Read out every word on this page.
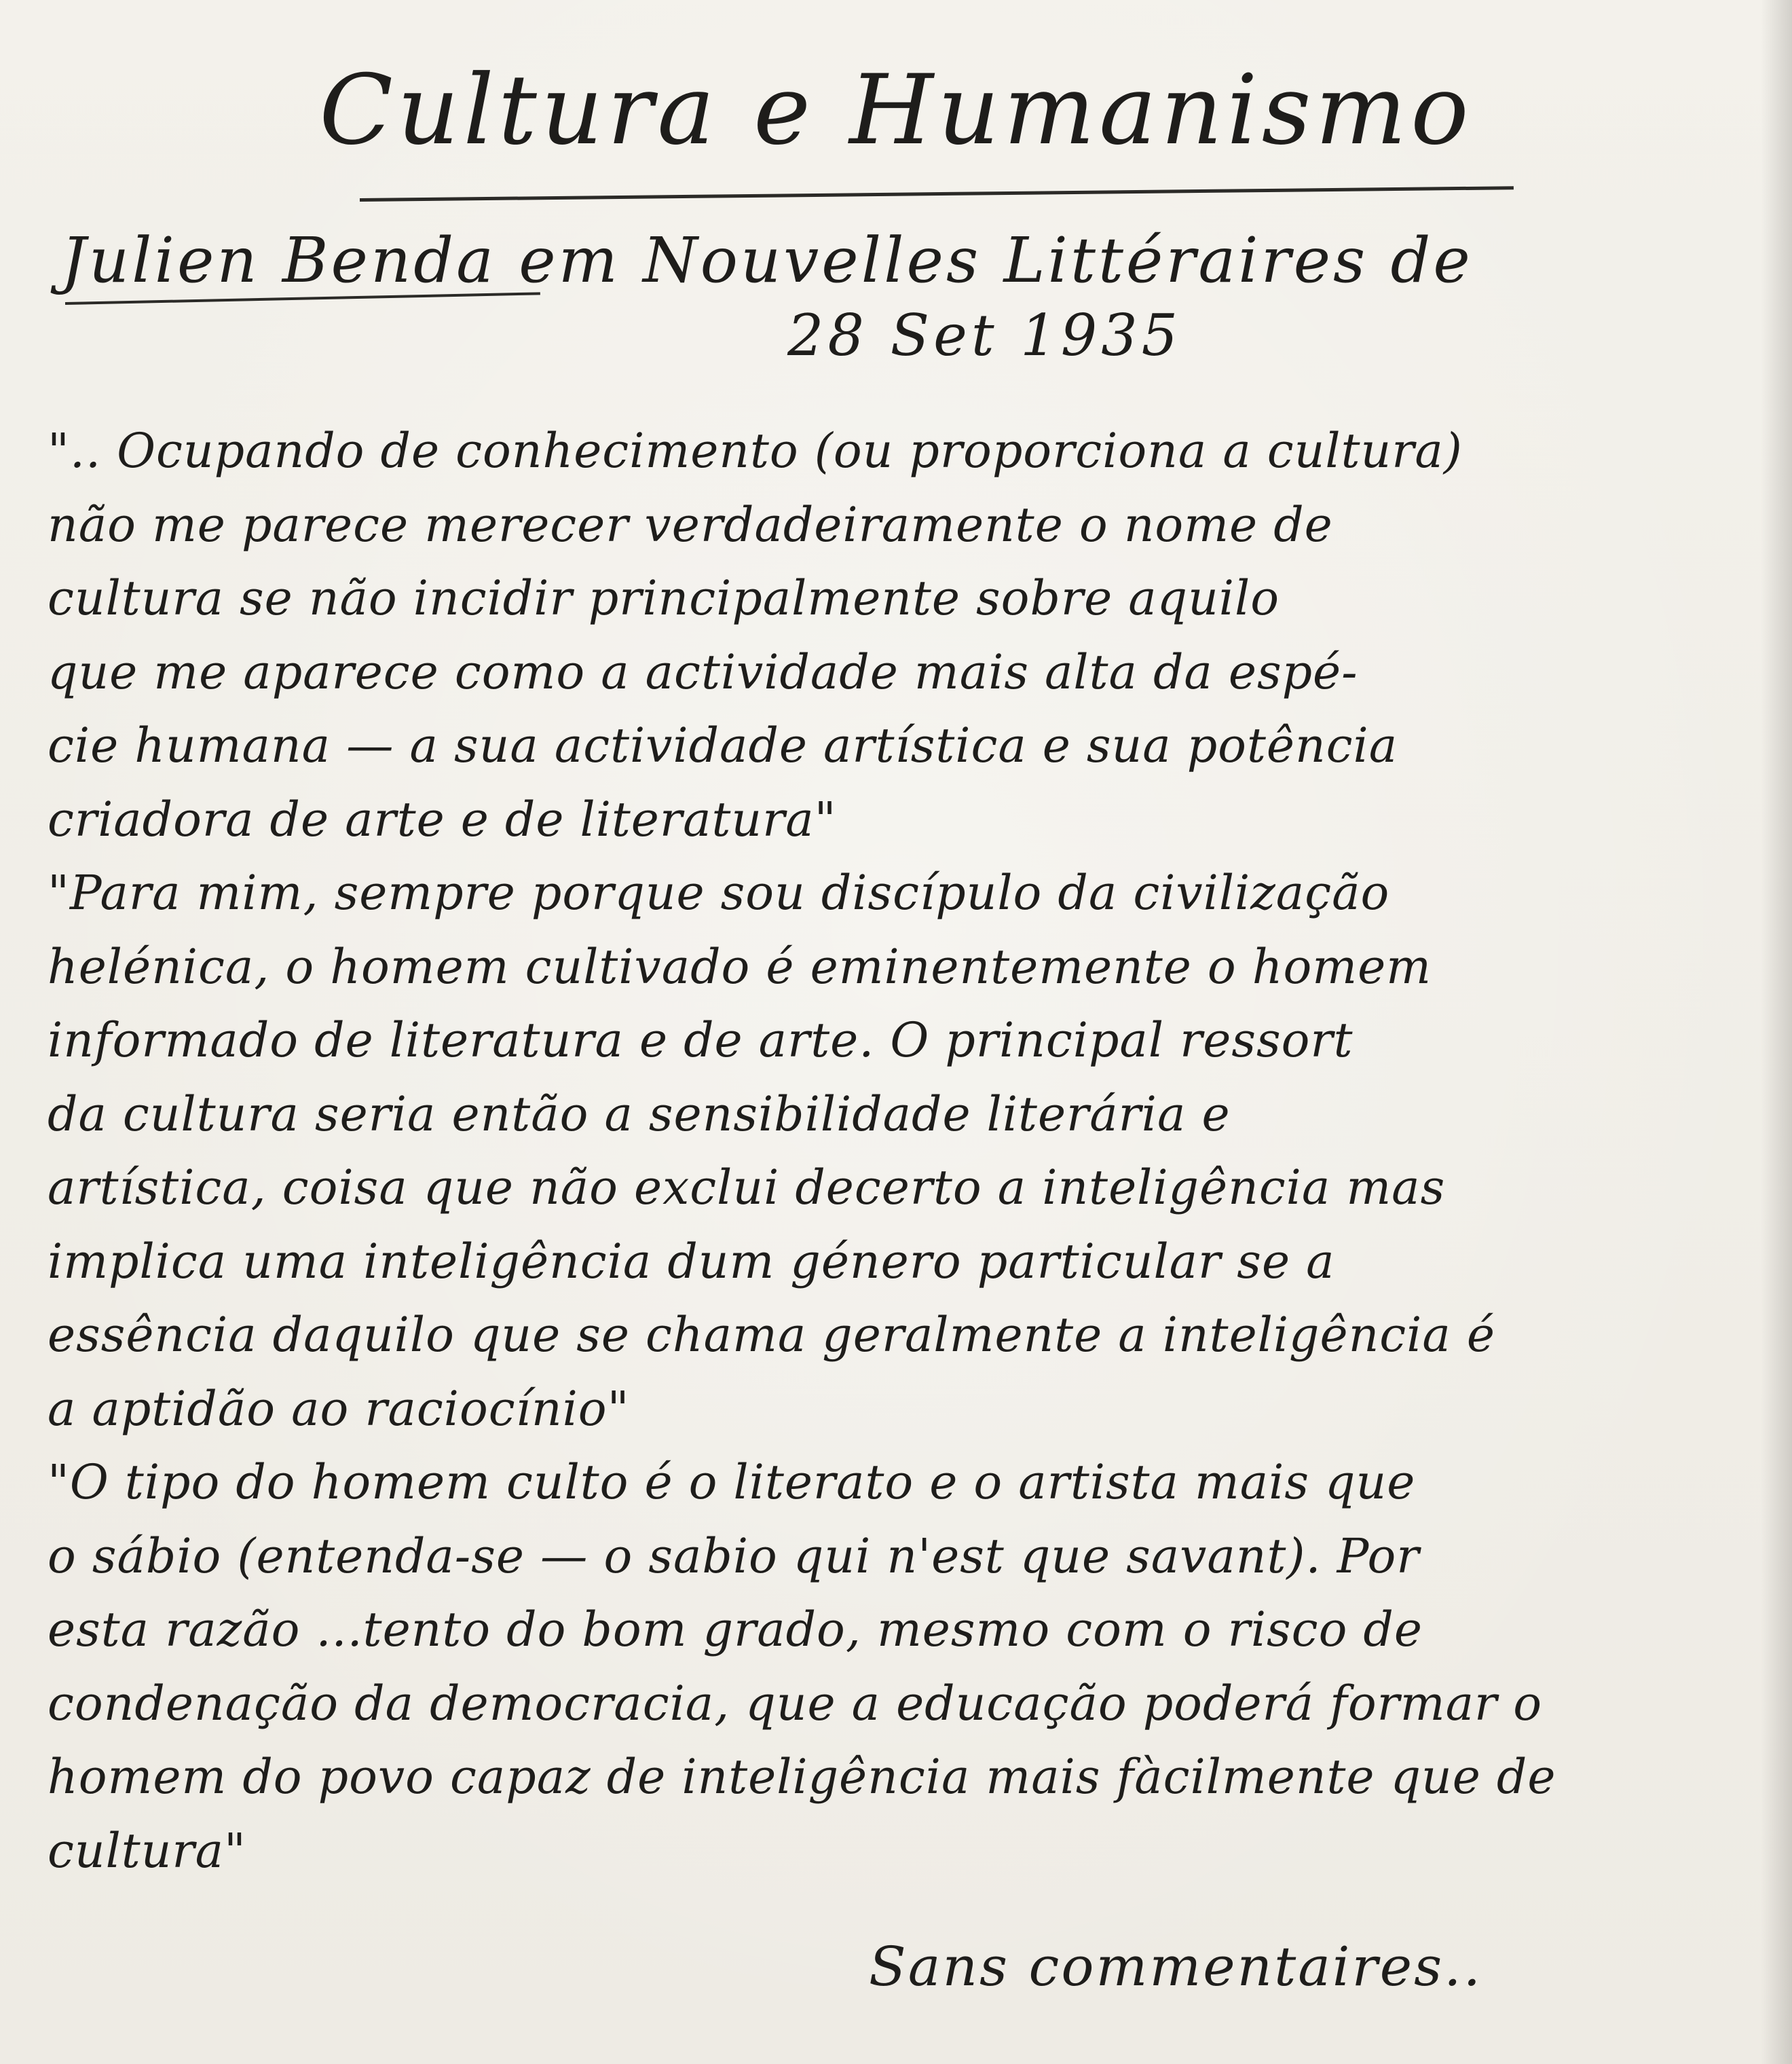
Cultura e Humanismo
Julien Benda em Nouvelles Littéraires de
28 Set 1935
".. Ocupando de conhecimento (ou proporciona a cultura)
não me parece merecer verdadeiramente o nome de
cultura se não incidir principalmente sobre aquilo
que me aparece como a actividade mais alta da espé-
cie humana — a sua actividade artística e sua potência
criadora de arte e de literatura"
"Para mim, sempre porque sou discípulo da civilização
helénica, o homem cultivado é eminentemente o homem
informado de literatura e de arte. O principal ressort
da cultura seria então a sensibilidade literária e
artística, coisa que não exclui decerto a inteligência mas
implica uma inteligência dum género particular se a
essência daquilo que se chama geralmente a inteligência é
a aptidão ao raciocínio"
"O tipo do homem culto é o literato e o artista mais que
o sábio (entenda-se — o sabio qui n'est que savant). Por
esta razão ...tento do bom grado, mesmo com o risco de
condenação da democracia, que a educação poderá formar o
homem do povo capaz de inteligência mais fàcilmente que de
cultura"
Sans commentaires..
